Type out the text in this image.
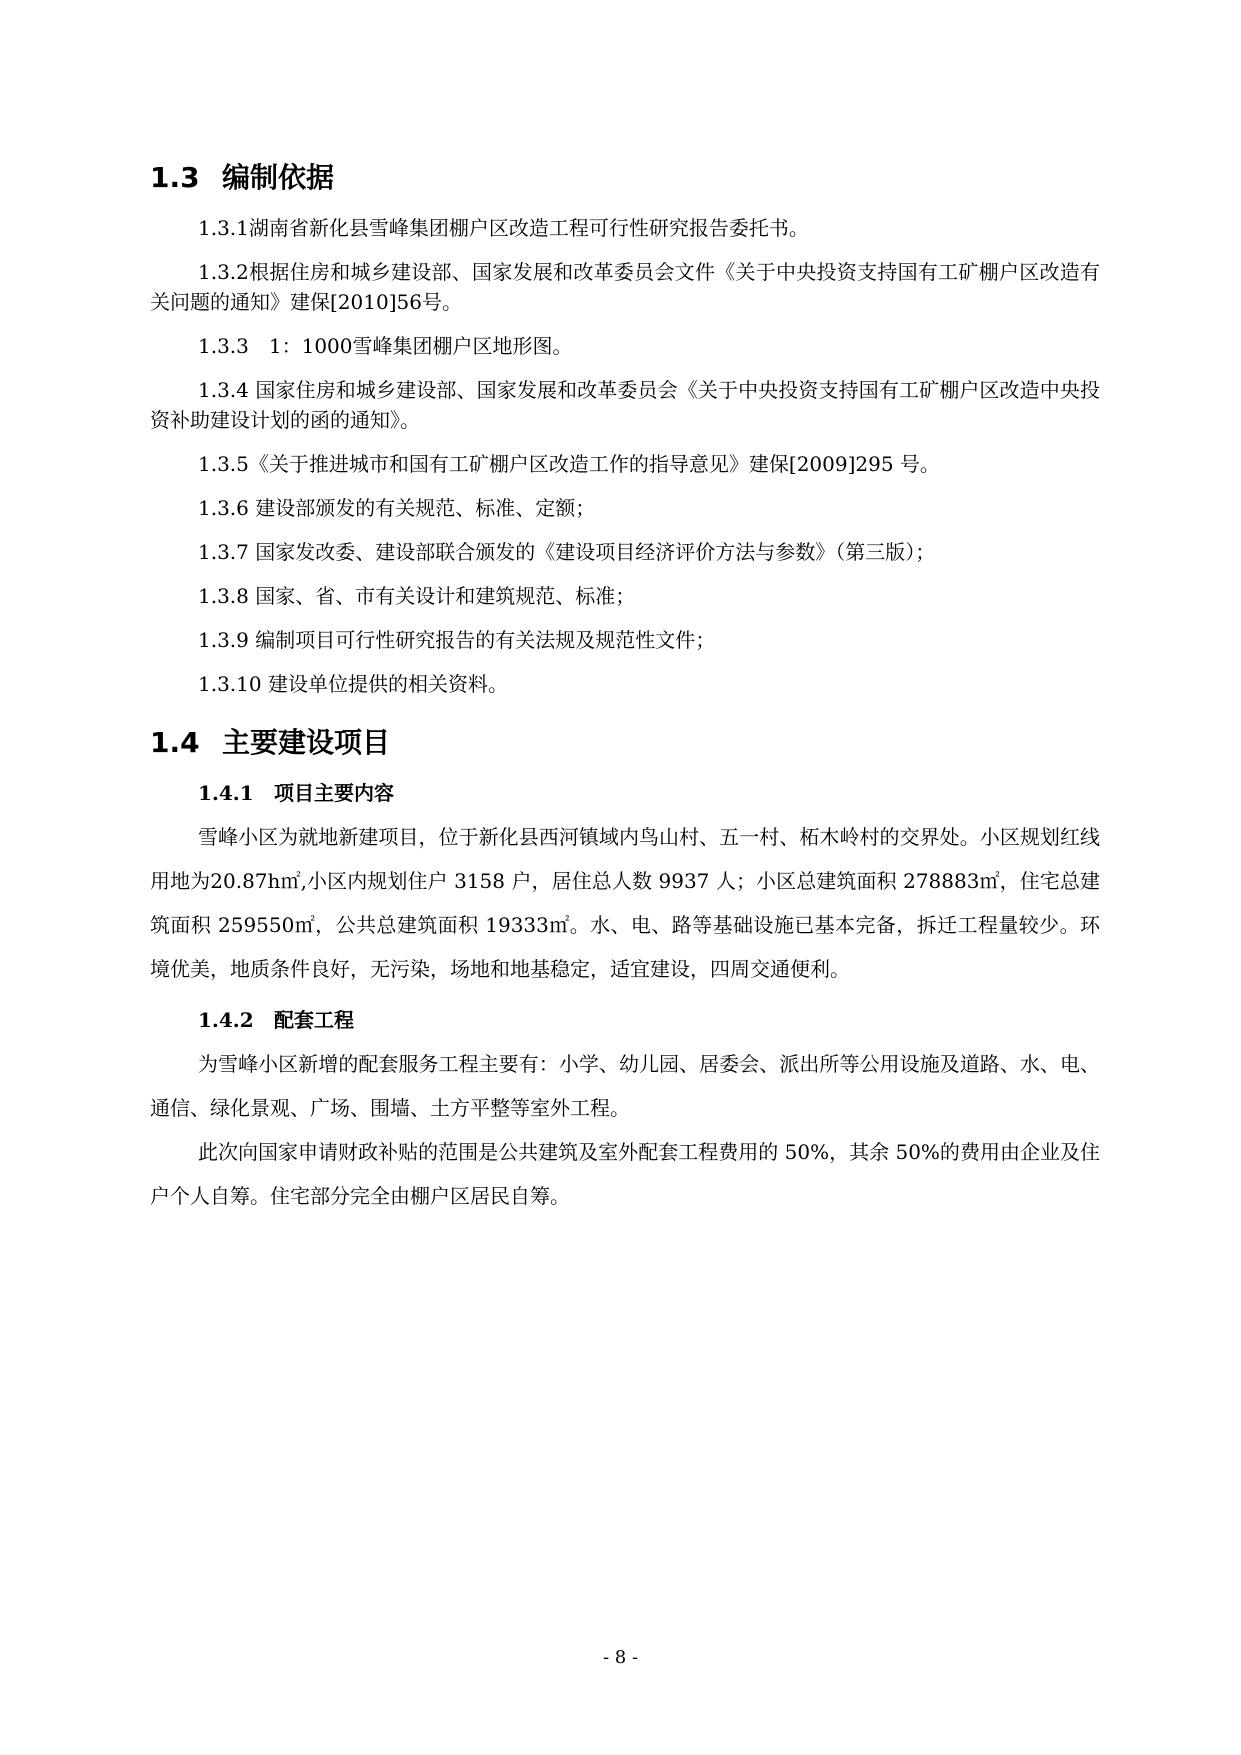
1.3 编制依据

1.3.1湖南省新化县雪峰集团棚户区改造工程可行性研究报告委托书。

1.3.2根据住房和城乡建设部、国家发展和改革委员会文件《关于中央投资支持国有工矿棚户区改造有关问题的通知》建保[2010]56号。

1.3.3　1：1000雪峰集团棚户区地形图。

1.3.4 国家住房和城乡建设部、国家发展和改革委员会《关于中央投资支持国有工矿棚户区改造中央投资补助建设计划的函的通知》。

1.3.5《关于推进城市和国有工矿棚户区改造工作的指导意见》建保[2009]295 号。

1.3.6 建设部颁发的有关规范、标准、定额；

1.3.7 国家发改委、建设部联合颁发的《建设项目经济评价方法与参数》（第三版）；

1.3.8 国家、省、市有关设计和建筑规范、标准；

1.3.9 编制项目可行性研究报告的有关法规及规范性文件；

1.3.10 建设单位提供的相关资料。

1.4 主要建设项目
1.4.1 项目主要内容

雪峰小区为就地新建项目，位于新化县西河镇域内鸟山村、五一村、柘木岭村的交界处。小区规划红线用地为20.87h㎡,小区内规划住户 3158 户，居住总人数 9937 人；小区总建筑面积 278883㎡，住宅总建筑面积 259550㎡，公共总建筑面积 19333㎡。水、电、路等基础设施已基本完备，拆迁工程量较少。环境优美，地质条件良好，无污染，场地和地基稳定，适宜建设，四周交通便利。

1.4.2 配套工程

为雪峰小区新增的配套服务工程主要有：小学、幼儿园、居委会、派出所等公用设施及道路、水、电、通信、绿化景观、广场、围墙、土方平整等室外工程。

此次向国家申请财政补贴的范围是公共建筑及室外配套工程费用的 50%，其余 50%的费用由企业及住户个人自筹。住宅部分完全由棚户区居民自筹。

- 8 -
